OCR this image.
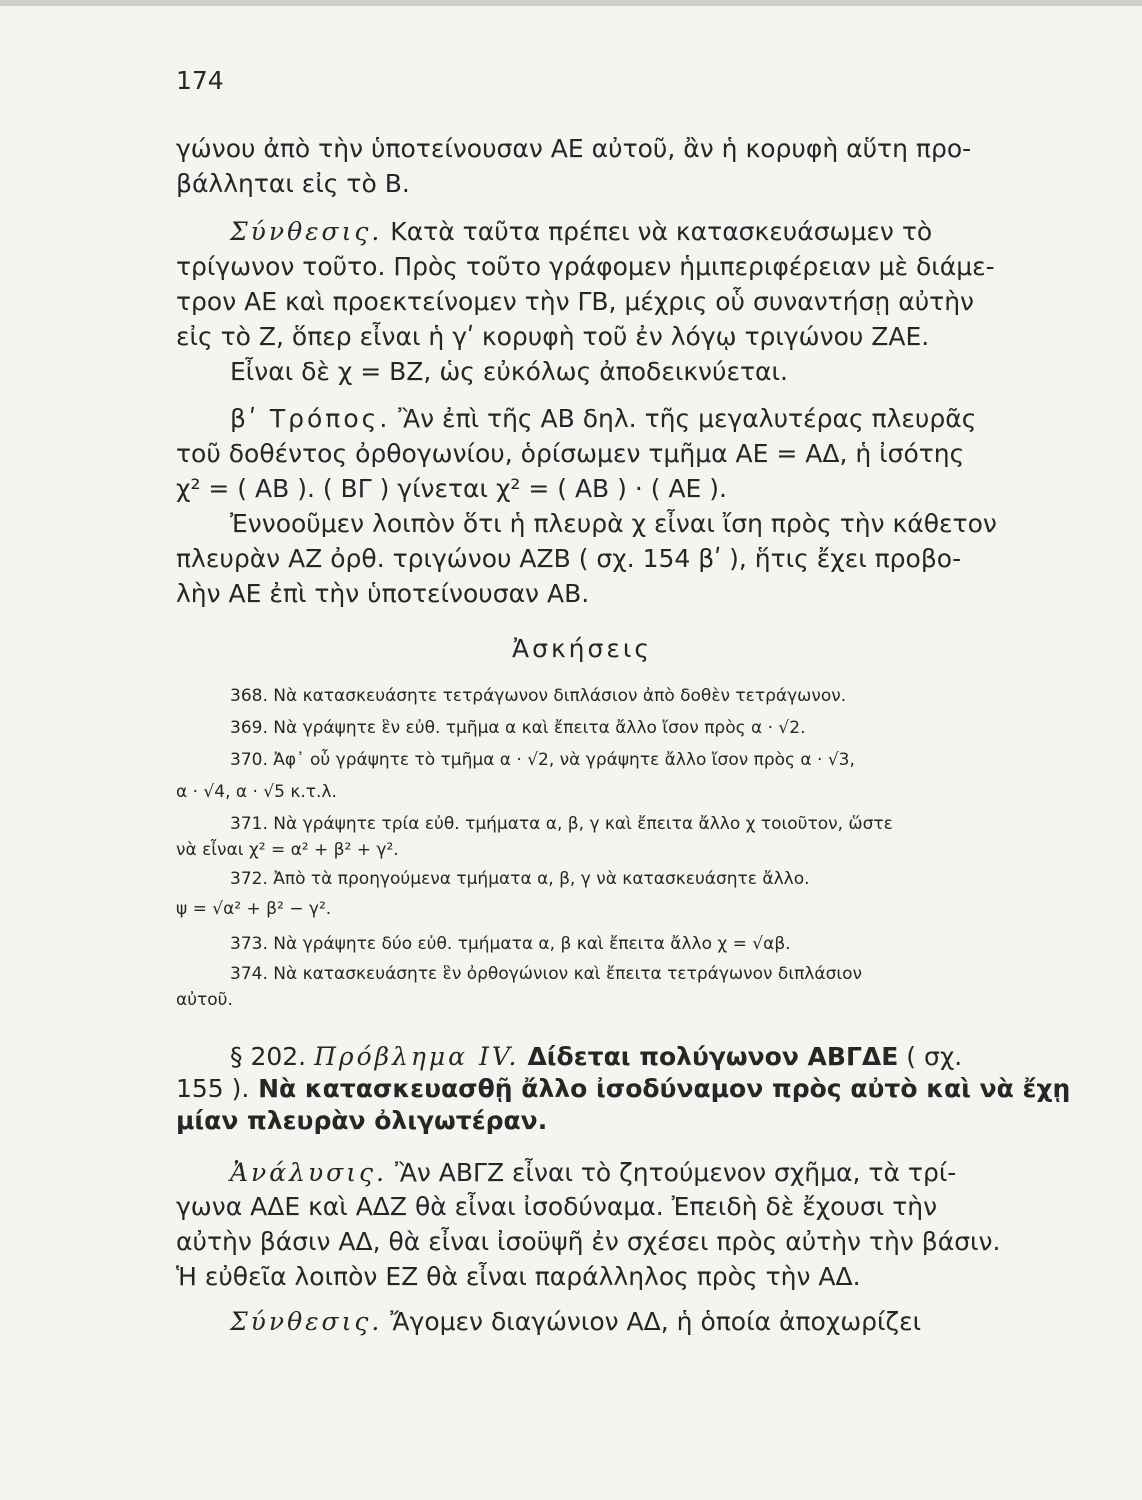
174

γώνου ἀπὸ τὴν ὑποτείνουσαν ΑΕ αὐτοῦ, ἂν ἡ κορυφὴ αὕτη προ-

βάλληται εἰς τὸ Β.

Σύνθεσις. Κατὰ ταῦτα πρέπει νὰ κατασκευάσωμεν τὸ

τρίγωνον τοῦτο. Πρὸς τοῦτο γράφομεν ἡμιπεριφέρειαν μὲ διάμε-

τρον ΑΕ καὶ προεκτείνομεν τὴν ΓΒ, μέχρις οὗ συναντήσῃ αὐτὴν

εἰς τὸ Ζ, ὅπερ εἶναι ἡ γʹ κορυφὴ τοῦ ἐν λόγῳ τριγώνου ΖΑΕ.

Εἶναι δὲ χ = ΒΖ, ὡς εὐκόλως ἀποδεικνύεται.

βʹ Τρόπος. Ἂν ἐπὶ τῆς ΑΒ δηλ. τῆς μεγαλυτέρας πλευρᾶς

τοῦ δοθέντος ὀρθογωνίου, ὁρίσωμεν τμῆμα ΑΕ = ΑΔ, ἡ ἰσότης

χ² = ( ΑΒ ). ( ΒΓ ) γίνεται χ² = ( ΑΒ ) · ( ΑΕ ).

Ἐννοοῦμεν λοιπὸν ὅτι ἡ πλευρὰ χ εἶναι ἴση πρὸς τὴν κάθετον

πλευρὰν ΑΖ ὀρθ. τριγώνου ΑΖΒ ( σχ. 154 βʹ ), ἥτις ἔχει προβο-

λὴν ΑΕ ἐπὶ τὴν ὑποτείνουσαν ΑΒ.

Ἀσκήσεις

368. Νὰ κατασκευάσητε τετράγωνον διπλάσιον ἀπὸ δοθὲν τετράγωνον.

369. Νὰ γράψητε ἓν εὐθ. τμῆμα α καὶ ἔπειτα ἄλλο ἴσον πρὸς α · √2.

370. Ἀφ᾽ οὗ γράψητε τὸ τμῆμα α · √2, νὰ γράψητε ἄλλο ἴσον πρὸς α · √3,

α · √4, α · √5 κ.τ.λ.

371. Νὰ γράψητε τρία εὐθ. τμήματα α, β, γ καὶ ἔπειτα ἄλλο χ τοιοῦτον, ὥστε

νὰ εἶναι χ² = α² + β² + γ².

372. Ἀπὸ τὰ προηγούμενα τμήματα α, β, γ νὰ κατασκευάσητε ἄλλο.

ψ = √α² + β² − γ².

373. Νὰ γράψητε δύο εὐθ. τμήματα α, β καὶ ἔπειτα ἄλλο χ = √αβ.

374. Νὰ κατασκευάσητε ἓν ὀρθογώνιον καὶ ἔπειτα τετράγωνον διπλάσιον

αὐτοῦ.

§ 202. Πρόβλημα IV. Δίδεται πολύγωνον ΑΒΓΔΕ ( σχ.

155 ). Νὰ κατασκευασθῇ ἄλλο ἰσοδύναμον πρὸς αὐτὸ καὶ νὰ ἔχῃ

μίαν πλευρὰν ὀλιγωτέραν.

Ἀνάλυσις. Ἂν ΑΒΓΖ εἶναι τὸ ζητούμενον σχῆμα, τὰ τρί-

γωνα ΑΔΕ καὶ ΑΔΖ θὰ εἶναι ἰσοδύναμα. Ἐπειδὴ δὲ ἔχουσι τὴν

αὐτὴν βάσιν ΑΔ, θὰ εἶναι ἰσοϋψῆ ἐν σχέσει πρὸς αὐτὴν τὴν βάσιν.

Ἡ εὐθεῖα λοιπὸν ΕΖ θὰ εἶναι παράλληλος πρὸς τὴν ΑΔ.

Σύνθεσις. Ἄγομεν διαγώνιον ΑΔ, ἡ ὁποία ἀποχωρίζει
